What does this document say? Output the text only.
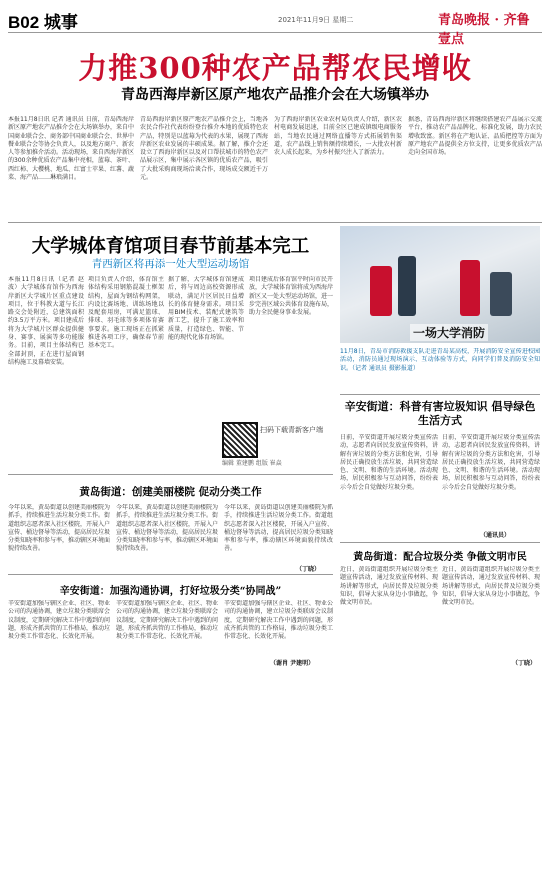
B02 城事	2021年11月9日 星期二	青岛晚报 · 齐鲁壹点
力推300种农产品帮农民增收
青岛西海岸新区原产地农产品推介会在大场镇举办
本报11月8日讯 记者 通讯员 日前，青岛西海岸新区原产地农产品推介会在大场镇举办，来自中国商业联合会、商务部中国商业联合会、世界中餐业联合会等协会负责人，以及地方商户、新农人等参加推介活动。活动现场，来自西海岸新区的300余种优质农产品集中亮相，蓝莓、茶叶、西红柿、大樱桃、地瓜、红富士苹果、红薯、蔬菜、海产品……琳琅满目。
青岛西海岸新区原产地农产品推介会上，当地各农民合作社代表纷纷登台推介本地的优质特色农产品，特别是以蓝莓为代表的水果，展现了西海岸新区农业发展的丰硕成果。据了解，推介会还设立了西海岸新区以及对口帮扶城市的特色农产品展示区，集中展示各区镇的优质农产品，吸引了大批采购商现场洽谈合作，现场成交额近千万元。
为了西海岸新区农业农村局负责人介绍，新区农村电商发展迅速，目前全区已建成镇级电商服务站，当地农民通过网络直播等方式拓展销售渠道，农产品线上销售额持续增长，一大批农村新农人成长起来，为乡村振兴注入了新活力。
据悉，青岛西海岸新区将继续搭建农产品展示交流平台，推动农产品品牌化、标准化发展，助力农民增收致富。新区将在产地认证、品质把控等方面为原产地农产品提供全方位支持，让更多优质农产品走向全国市场。
大学城体育馆项目春节前基本完工
青西新区将再添一处大型运动场馆
本报11月8日讯（记者 赵波）大学城体育馆作为西海岸新区大学城片区重点建设项目，位于科教大道与长江路交会处附近，总建筑面积约3.5万平方米。项目建成后将为大学城片区群众提供健身、赛事、展演等多功能服务。目前，项目主体结构已全部封顶，正在进行屋面钢结构施工及幕墙安装。
项目负责人介绍，体育馆主体结构采用钢筋混凝土框架结构，屋面为钢结构网架，内设比赛场地、训练场地以及配套用房，可满足篮球、排球、羽毛球等多项体育赛事要求。施工现场正在抓紧推进各项工序，确保春节前基本完工。
据了解，大学城体育馆建成后，将与周边高校资源形成联动，满足片区居民日益增长的体育健身需求。项目采用BIM技术、装配式建筑等新工艺，提升了施工效率和质量，打造绿色、智能、节能的现代化体育场馆。
项目建成后体育馆平时向市民开放，大学城体育馆将成为西海岸新区又一处大型运动场馆，进一步完善区域公共体育设施布局，助力全民健身事业发展。
扫码下载青新客户端
编辑 董建鹏 组版 崔焱
一场大学消防
11月8日，青岛市消防救援支队走进青岛某高校，开展消防安全宣传进校园活动，消防员通过现场演示、互动体验等方式，向同学们普及消防安全知识。（记者 通讯员 摄影报道）
辛安街道：科普有害垃圾知识 倡导绿色生活方式
日前，辛安街道开展垃圾分类宣传活动，志愿者向居民发放宣传资料，讲解有害垃圾的分类方法和危害，引导居民正确投放生活垃圾，共同营造绿色、文明、和谐的生活环境。活动现场，居民积极参与互动问答，纷纷表示今后会自觉做好垃圾分类。
日前，辛安街道开展垃圾分类宣传活动，志愿者向居民发放宣传资料，讲解有害垃圾的分类方法和危害，引导居民正确投放生活垃圾，共同营造绿色、文明、和谐的生活环境。活动现场，居民积极参与互动问答，纷纷表示今后会自觉做好垃圾分类。
（通讯员）
黄岛街道：创建美丽楼院 促动分类工作
今年以来，黄岛街道以创建美丽楼院为抓手，持续推进生活垃圾分类工作。街道组织志愿者深入社区楼院，开展入户宣传、桶边督导等活动，提高居民垃圾分类知晓率和参与率，推动辖区环境面貌持续改善。
今年以来，黄岛街道以创建美丽楼院为抓手，持续推进生活垃圾分类工作。街道组织志愿者深入社区楼院，开展入户宣传、桶边督导等活动，提高居民垃圾分类知晓率和参与率，推动辖区环境面貌持续改善。
今年以来，黄岛街道以创建美丽楼院为抓手，持续推进生活垃圾分类工作。街道组织志愿者深入社区楼院，开展入户宣传、桶边督导等活动，提高居民垃圾分类知晓率和参与率，推动辖区环境面貌持续改善。
（丁晓）
辛安街道：加强沟通协调，打好垃圾分类“协同战”
辛安街道加强与辖区企业、社区、物业公司的沟通协调，建立垃圾分类联席会议制度，定期研究解决工作中遇到的问题，形成齐抓共管的工作格局，推动垃圾分类工作常态化、长效化开展。
辛安街道加强与辖区企业、社区、物业公司的沟通协调，建立垃圾分类联席会议制度，定期研究解决工作中遇到的问题，形成齐抓共管的工作格局，推动垃圾分类工作常态化、长效化开展。
辛安街道加强与辖区企业、社区、物业公司的沟通协调，建立垃圾分类联席会议制度，定期研究解决工作中遇到的问题，形成齐抓共管的工作格局，推动垃圾分类工作常态化、长效化开展。
（谢肖 尹建明）
黄岛街道：配合垃圾分类 争做文明市民
近日，黄岛街道组织开展垃圾分类主题宣传活动，通过发放宣传材料、现场讲解等形式，向居民普及垃圾分类知识，倡导大家从身边小事做起，争做文明市民。
近日，黄岛街道组织开展垃圾分类主题宣传活动，通过发放宣传材料、现场讲解等形式，向居民普及垃圾分类知识，倡导大家从身边小事做起，争做文明市民。
（丁晓）
